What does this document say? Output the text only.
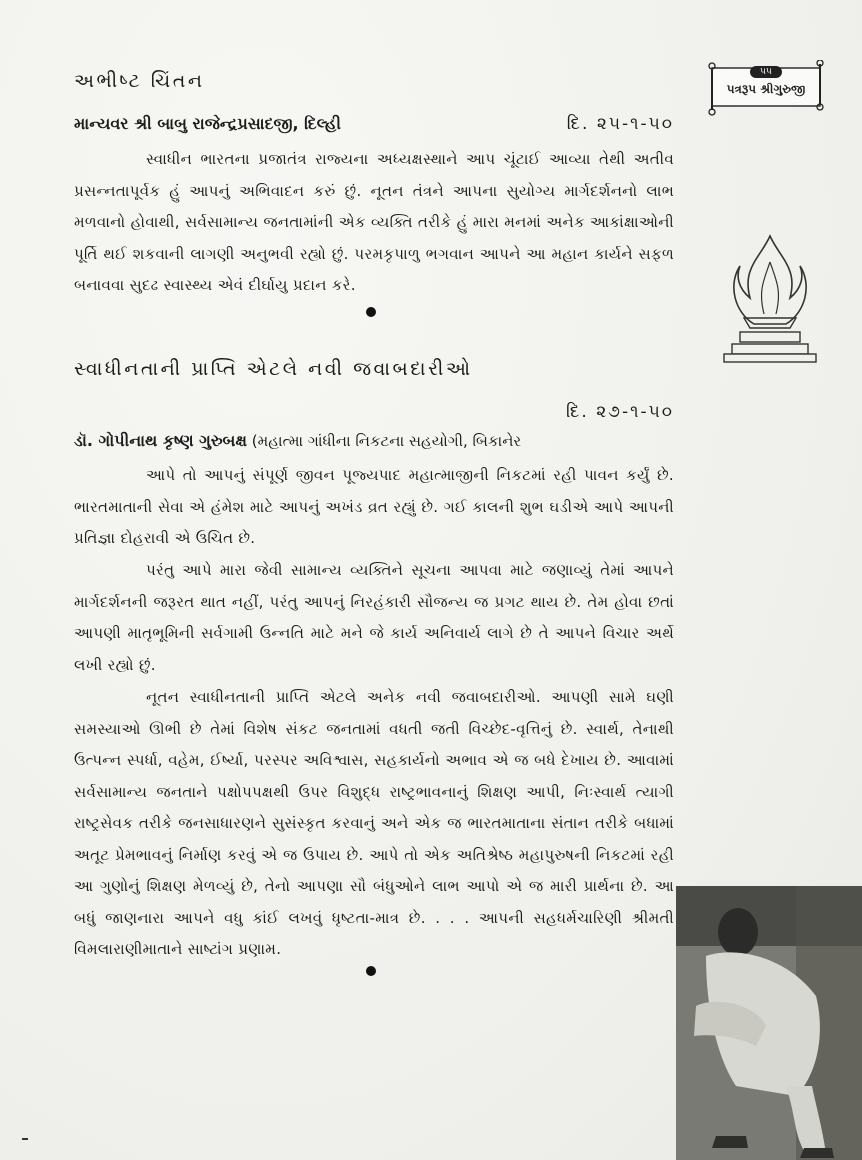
અભીષ્ટ ચિંતન
માન્યવર શ્રી બાબુ રાજેન્દ્રપ્રસાદજી, દિલ્હી	દિ. ૨૫-૧-૫૦

સ્વાધીન ભારતના પ્રજાતંત્ર રાજ્યના અધ્યક્ષસ્થાને આપ ચૂંટાઈ આવ્યા તેથી અતીવ પ્રસન્નતાપૂર્વક હું આપનું અભિવાદન કરું છું. નૂતન તંત્રને આપના સુયોગ્ય માર્ગદર્શનનો લાભ મળવાનો હોવાથી, સર્વસામાન્ય જનતામાંની એક વ્યક્તિ તરીકે હું મારા મનમાં અનેક આકાંક્ષાઓની પૂર્તિ થઈ શકવાની લાગણી અનુભવી રહ્યો છું. પરમકૃપાળુ ભગવાન આપને આ મહાન કાર્યને સફળ બનાવવા સુદઢ સ્વાસ્થ્ય એવં દીર્ઘાયુ પ્રદાન કરે.

સ્વાધીનતાની પ્રાપ્તિ એટલે નવી જવાબદારીઓ
દિ. ૨૭-૧-૫૦
ડૉ. ગોપીનાથ કૃષ્ણ ગુરુબક્ષ (મહાત્મા ગાંધીના નિકટના સહયોગી, બિકાનેર

આપે તો આપનું સંપૂર્ણ જીવન પૂજ્યપાદ મહાત્માજીની નિકટમાં રહી પાવન કર્યું છે. ભારતમાતાની સેવા એ હંમેશ માટે આપનું અખંડ વ્રત રહ્યું છે. ગઈ કાલની શુભ ઘડીએ આપે આપની પ્રતિજ્ઞા દોહરાવી એ ઉચિત છે.

પરંતુ આપે મારા જેવી સામાન્ય વ્યક્તિને સૂચના આપવા માટે જણાવ્યું તેમાં આપને માર્ગદર્શનની જરૂરત થાત નહીં, પરંતુ આપનું નિરહંકારી સૌજન્ય જ પ્રગટ થાય છે. તેમ હોવા છતાં આપણી માતૃભૂમિની સર્વગામી ઉન્નતિ માટે મને જે કાર્ય અનિવાર્ય લાગે છે તે આપને વિચાર અર્થે લખી રહ્યો છું.

નૂતન સ્વાધીનતાની પ્રાપ્તિ એટલે અનેક નવી જવાબદારીઓ. આપણી સામે ઘણી સમસ્યાઓ ઊભી છે તેમાં વિશેષ સંકટ જનતામાં વધતી જતી વિચ્છેદ-વૃત્તિનું છે. સ્વાર્થ, તેનાથી ઉત્પન્ન સ્પર્ધા, વહેમ, ઈર્ષ્યા, પરસ્પર અવિશ્વાસ, સહકાર્યનો અભાવ એ જ બધે દેખાય છે. આવામાં સર્વસામાન્ય જનતાને પક્ષોપપક્ષથી ઉપર વિશુદ્ધ રાષ્ટ્રભાવનાનું શિક્ષણ આપી, નિઃસ્વાર્થ ત્યાગી રાષ્ટ્રસેવક તરીકે જનસાધારણને સુસંસ્કૃત કરવાનું અને એક જ ભારતમાતાના સંતાન તરીકે બધામાં અતૂટ પ્રેમભાવનું નિર્માણ કરવું એ જ ઉપાય છે. આપે તો એક અતિશ્રેષ્ઠ મહાપુરુષની નિકટમાં રહી આ ગુણોનું શિક્ષણ મેળવ્યું છે, તેનો આપણા સૌ બંધુઓને લાભ આપો એ જ મારી પ્રાર્થના છે. આ બધું જાણનારા આપને વધુ કાંઈ લખવું ધૃષ્ટતા-માત્ર છે. . . . આપની સહધર્મચારિણી શ્રીમતી વિમલારાણીમાતાને સાષ્ટાંગ પ્રણામ.

૫૫
પત્રરૂપ શ્રીગુરુજી
